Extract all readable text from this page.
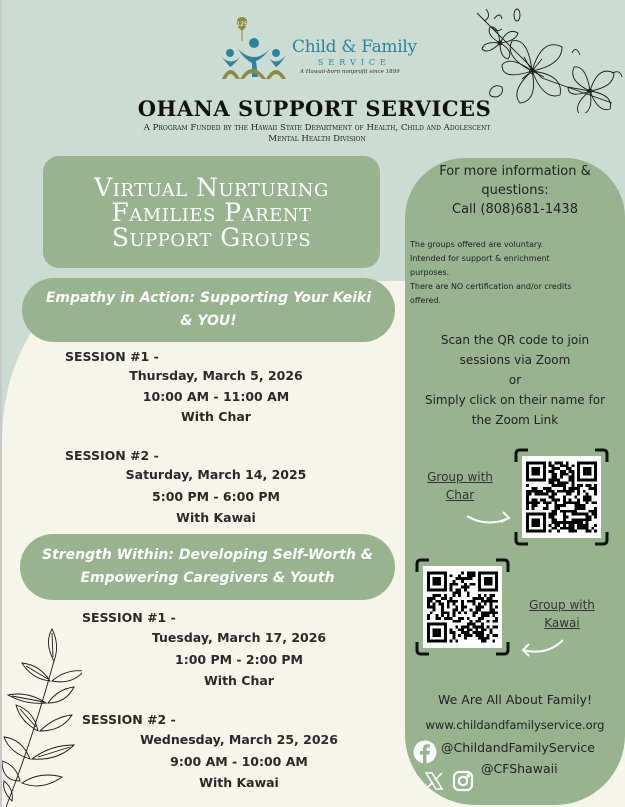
125
Child & Family
SERVICE
A Hawaii-born nonprofit since 1899
OHANA SUPPORT SERVICES
A Program Funded by the Hawaii State Department of Health, Child and Adolescent
Mental Health Division
Virtual Nurturing
Families Parent
Support Groups
Empathy in Action: Supporting Your Keiki
& YOU!
SESSION #1 -
Thursday, March 5, 2026
10:00 AM - 11:00 AM
With Char
SESSION #2 -
Saturday, March 14, 2025
5:00 PM - 6:00 PM
With Kawai
Strength Within: Developing Self-Worth &
Empowering Caregivers & Youth
SESSION #1 -
Tuesday, March 17, 2026
1:00 PM - 2:00 PM
With Char
SESSION #2 -
Wednesday, March 25, 2026
9:00 AM - 10:00 AM
With Kawai
For more information &
questions:
Call (808)681-1438
The groups offered are voluntary.
Intended for support & enrichment
purposes.
There are NO certification and/or credits
offered.
Scan the QR code to join
sessions via Zoom
or
Simply click on their name for
the Zoom Link
Group with
Char
Group with
Kawai
We Are All About Family!
www.childandfamilyservice.org
@ChildandFamilyService
@CFShawaii
